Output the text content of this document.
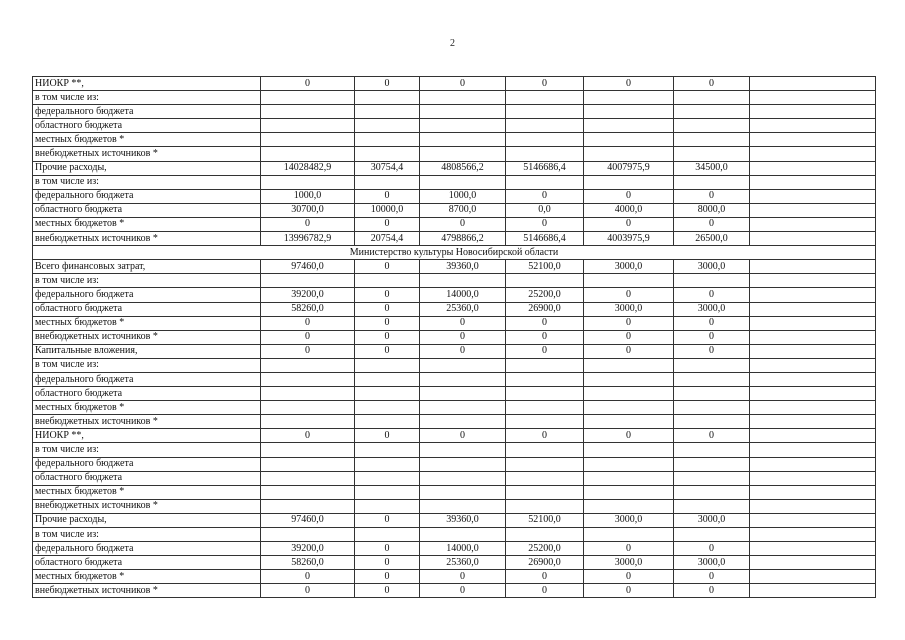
2
НИОКР **,	0	0	0	0	0	0	
в том числе из:							
федерального бюджета							
областного бюджета							
местных бюджетов *							
внебюджетных источников *							
Прочие расходы,	14028482,9	30754,4	4808566,2	5146686,4	4007975,9	34500,0	
в том числе из:							
федерального бюджета	1000,0	0	1000,0	0	0	0	
областного бюджета	30700,0	10000,0	8700,0	0,0	4000,0	8000,0	
местных бюджетов *	0	0	0	0	0	0	
внебюджетных источников *	13996782,9	20754,4	4798866,2	5146686,4	4003975,9	26500,0	
Министерство культуры Новосибирской области							
Всего финансовых затрат,	97460,0	0	39360,0	52100,0	3000,0	3000,0	
в том числе из:							
федерального бюджета	39200,0	0	14000,0	25200,0	0	0	
областного бюджета	58260,0	0	25360,0	26900,0	3000,0	3000,0	
местных бюджетов *	0	0	0	0	0	0	
внебюджетных источников *	0	0	0	0	0	0	
Капитальные вложения,	0	0	0	0	0	0	
в том числе из:							
федерального бюджета							
областного бюджета							
местных бюджетов *							
внебюджетных источников *							
НИОКР **,	0	0	0	0	0	0	
в том числе из:							
федерального бюджета							
областного бюджета							
местных бюджетов *							
внебюджетных источников *							
Прочие расходы,	97460,0	0	39360,0	52100,0	3000,0	3000,0	
в том числе из:							
федерального бюджета	39200,0	0	14000,0	25200,0	0	0	
областного бюджета	58260,0	0	25360,0	26900,0	3000,0	3000,0	
местных бюджетов *	0	0	0	0	0	0	
внебюджетных источников *	0	0	0	0	0	0	
